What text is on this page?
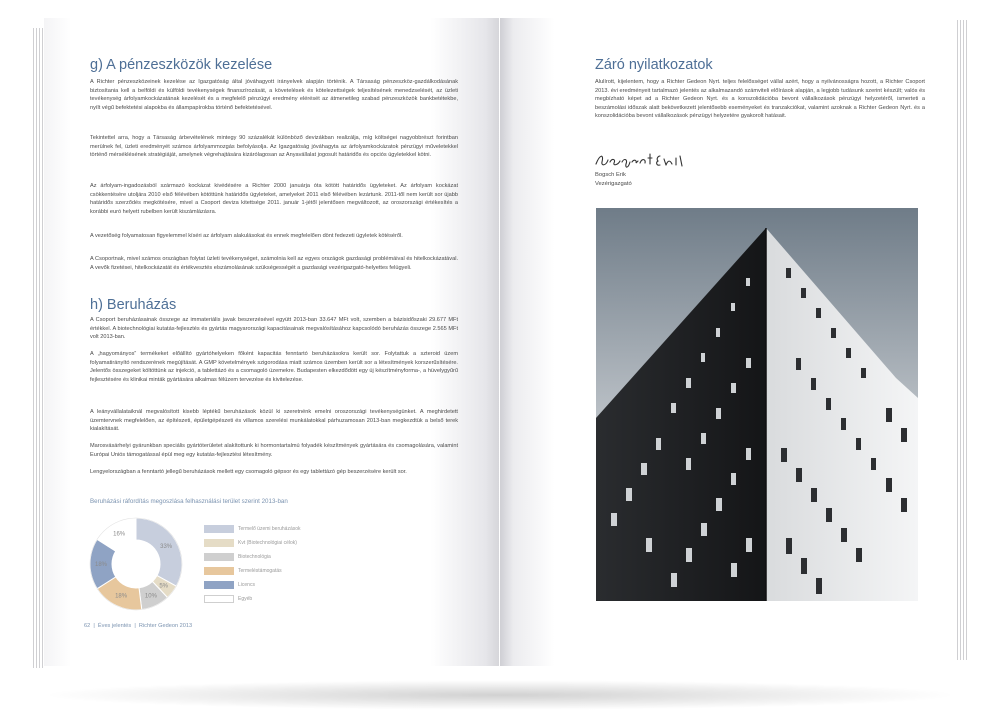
g) A pénzeszközök kezelése

A Richter pénzeszközeinek kezelése az Igazgatóság által jóváhagyott irányelvek alapján történik. A Társaság pénzeszköz-gazdálkodásának biztosítania kell a belföldi és külföldi tevékenységek finanszírozását, a követelések és kötelezettségek teljesítésének menedzselését, az üzleti tevékenység árfolyamkockázatának kezelését és a megfelelő pénzügyi eredmény elérését az átmenetileg szabad pénzeszközök bankbetétekbe, nyílt végű befektetési alapokba és állampapírokba történő befektetésével.

Tekintettel arra, hogy a Társaság árbevételének mintegy 90 százalékát különböző devizákban realizálja, míg költségei nagyobbrészt forintban merülnek fel, üzleti eredményét számos árfolyammozgás befolyásolja. Az Igazgatóság jóváhagyta az árfolyamkockázatok pénzügyi műveletekkel történő mérséklésének stratégiáját, amelynek végrehajtására kizárólagosan az Anyavállalat jogosult határidős és opciós ügyletekkel kötni.

Az árfolyam-ingadozásból származó kockázat kivédésére a Richter 2000 januárja óta kötött határidős ügyleteket. Az árfolyam kockázat csökkentésére utoljára 2010 első félévében kötöttünk határidős ügyleteket, amelyeket 2011 első félévében lezártunk. 2011-től nem került sor újabb határidős szerződés megkötésére, mivel a Csoport deviza kitettsége 2011. január 1-jétől jelentősen megváltozott, az oroszországi értékesítés a korábbi euró helyett rubelben került kiszámlázásra.

A vezetőség folyamatosan figyelemmel kíséri az árfolyam alakulásokat és ennek megfelelően dönt fedezeti ügyletek kötéséről.

A Csoportnak, mivel számos országban folytat üzleti tevékenységet, számolnia kell az egyes országok gazdasági problémáival és hitelkockázatával. A vevők fizetései, hitelkockázatát és értékvesztés elszámolásának szükségességét a gazdasági vezérigazgató-helyettes felügyeli.

h) Beruházás

A Csoport beruházásainak összege az immateriális javak beszerzésével együtt 2013-ban 33.647 MFt volt, szemben a bázisidőszaki 29.677 MFt értékkel. A biotechnológiai kutatás-fejlesztés és gyártás magyarországi kapacitásainak megvalósításához kapcsolódó beruházás összege 2.565 MFt volt 2013-ban.

A „hagyományos” termékeket előállító gyártóhelyeken főként kapacitás fenntartó beruházásokra került sor. Folytattuk a szteroid üzem folyamatirányító rendszerének megújítását. A GMP követelmények szigorodása miatt számos üzemben került sor a létesítmények korszerűsítésére. Jelentős összegeket költöttünk az injekció, a tablettázó és a csomagoló üzemekre. Budapesten elkezdődött egy új készítményforma-, a hüvelygyűrű fejlesztésére és klinikai minták gyártására alkalmas félüzem tervezése és kivitelezése.

A leányvállalataiknál megvalósított kisebb léptékű beruházások közül ki szeretnénk emelni oroszországi tevékenységünket. A meghirdetett üzemtervnek megfelelően, az építészeti, épületgépészeti és villamos szerelési munkálatokkal párhuzamosan 2013-ban megkezdtük a belső terek kialakítását.

Marosvásárhelyi gyárunkban speciális gyártóterületet alakítottunk ki hormontartalmú folyadék készítmények gyártására és csomagolására, valamint Európai Uniós támogatással épül meg egy kutatás-fejlesztési létesítmény.

Lengyelországban a fenntartó jellegű beruházások mellett egy csomagoló gépsor és egy tablettázó gép beszerzésére került sor.

Beruházási ráfordítás megoszlása felhasználási terület szerint 2013-ban
33%
5%
10%
18%
18%
16%
Termelő üzemi beruházások
Kvt (Biotechnológiai célok)
Biotechnológia
Termeléstámogatás
Licencs
Egyéb
62  |  Éves jelentés  |  Richter Gedeon 2013
Záró nyilatkozatok

Alulírott, kijelentem, hogy a Richter Gedeon Nyrt. teljes felelősséget vállal azért, hogy a nyilvánosságra hozott, a Richter Csoport 2013. évi eredményeit tartalmazó jelentés az alkalmazandó számviteli előírások alapján, a legjobb tudásunk szerint készült; valós és megbízható képet ad a Richter Gedeon Nyrt. és a konszolidációba bevont vállalkozások pénzügyi helyzetéről, ismerteti a beszámolási időszak alatt bekövetkezett jelentősebb eseményeket és tranzakciókat, valamint azoknak a Richter Gedeon Nyrt. és a konszolidációba bevont vállalkozások pénzügyi helyzetére gyakorolt hatásait.

Bogsch Erik
Vezérigazgató
